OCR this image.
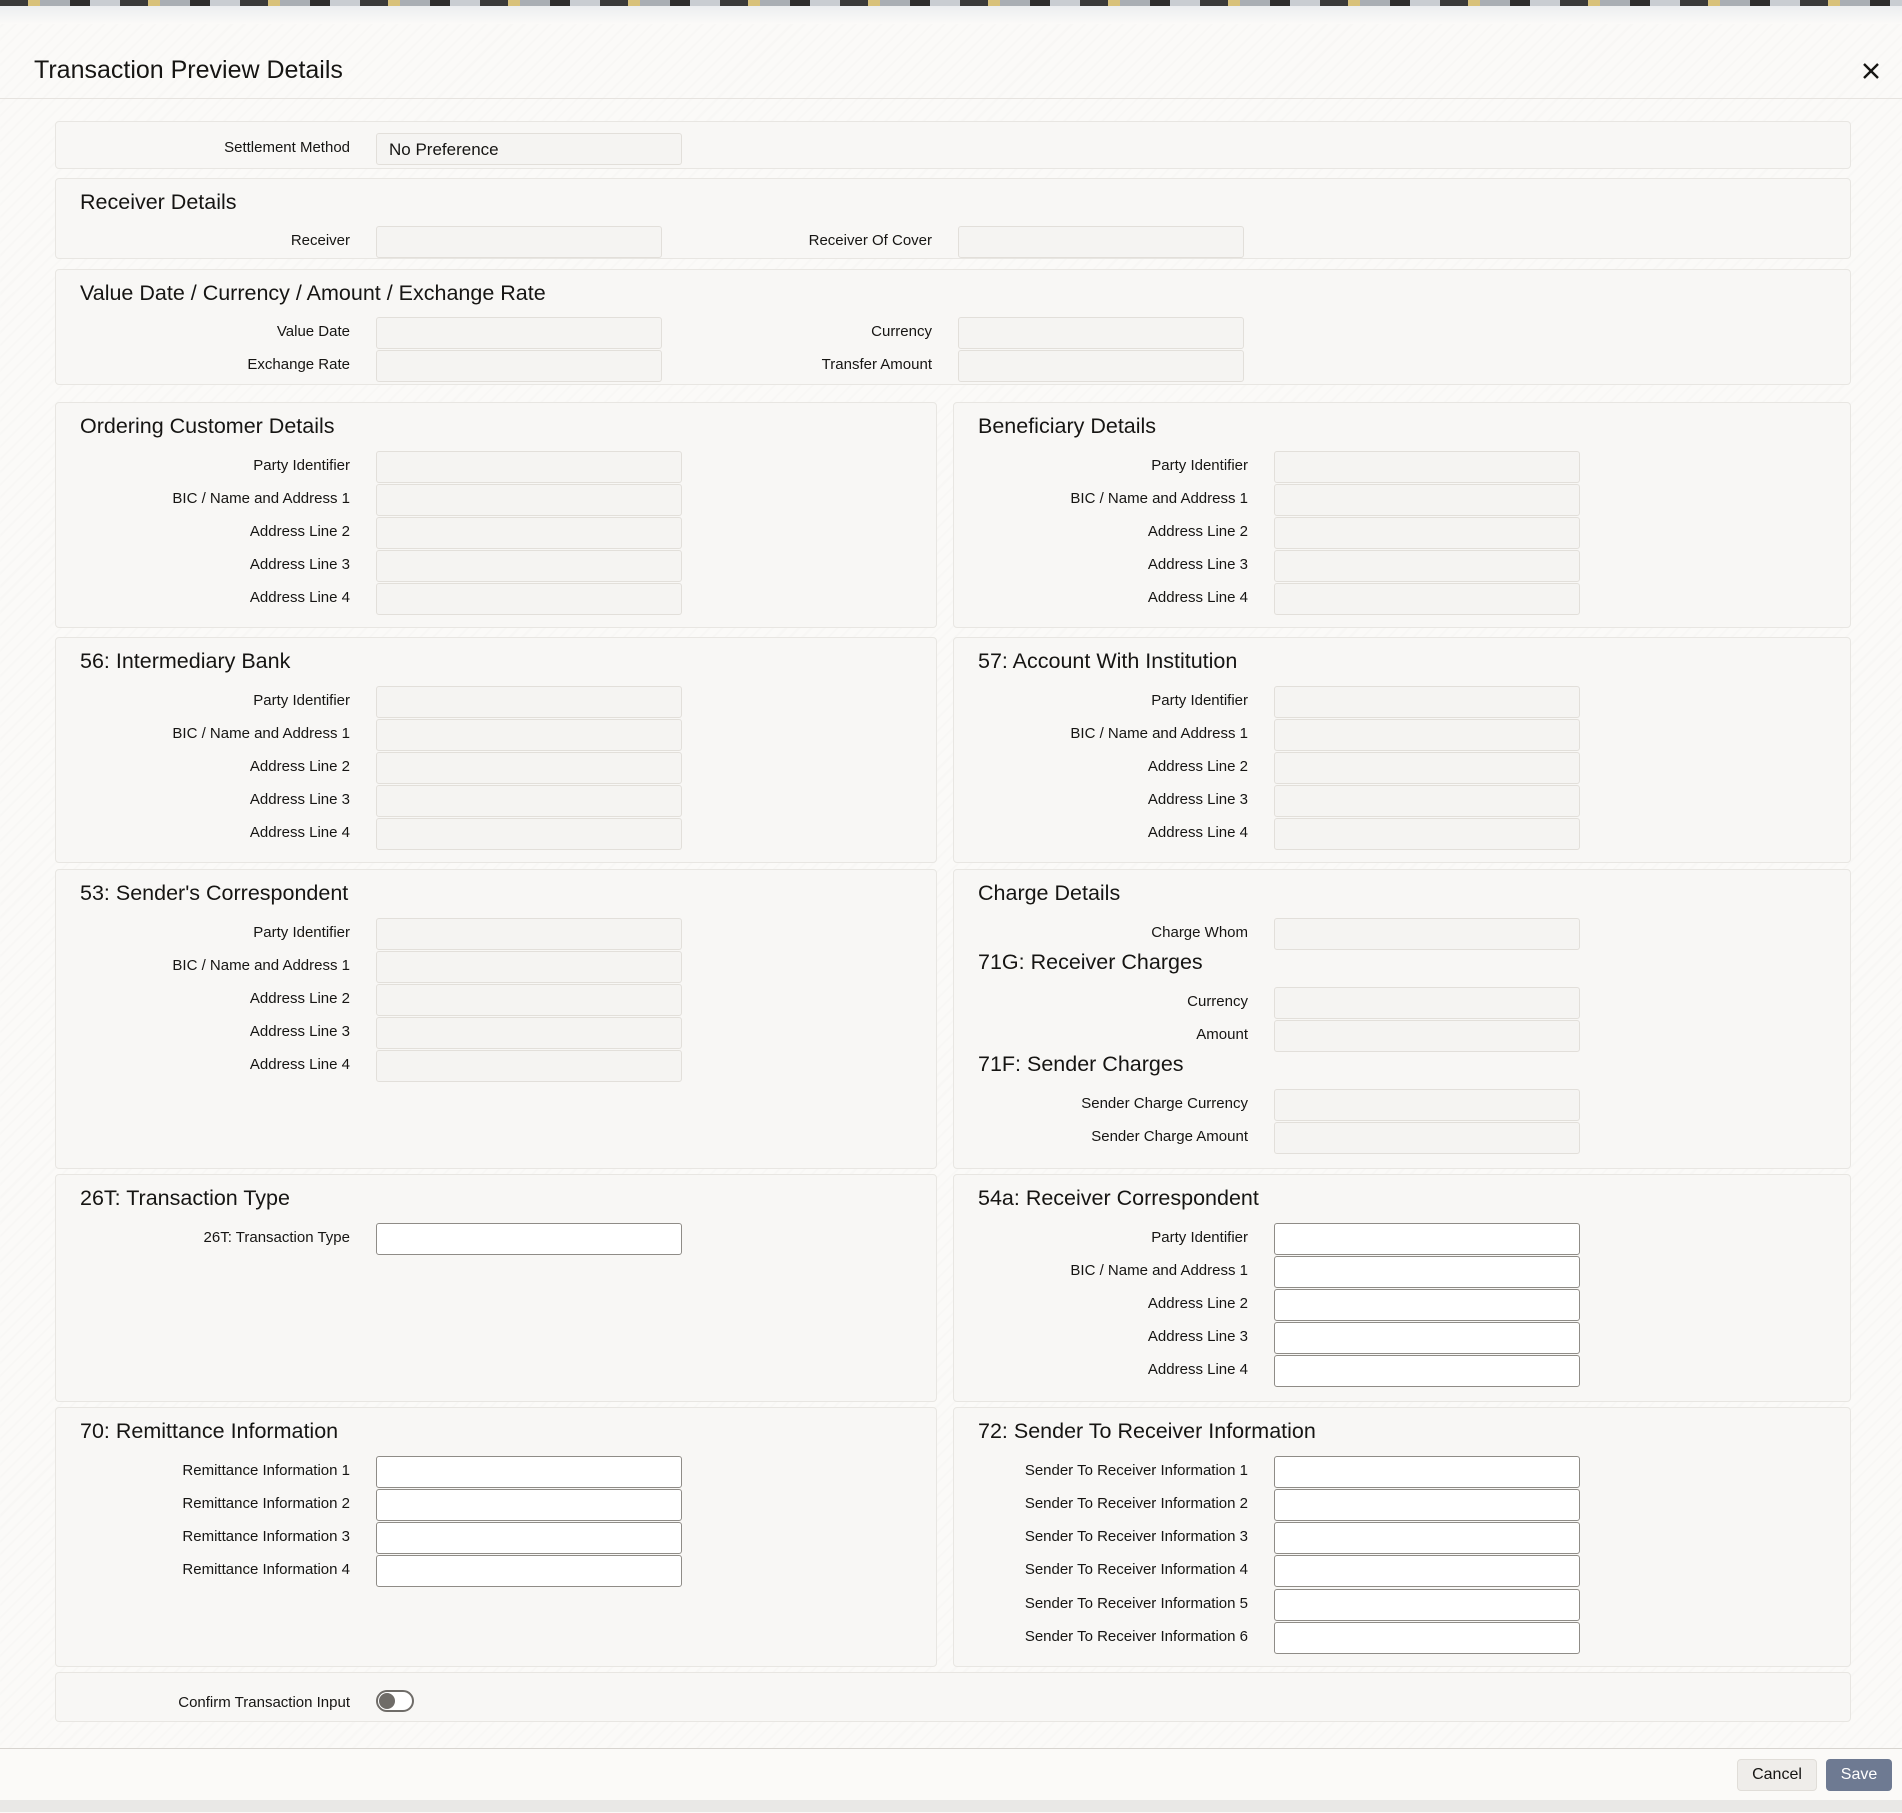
Transaction Preview Details
Settlement Method	No Preference
Receiver Details
Receiver	Receiver Of Cover
Value Date / Currency / Amount / Exchange Rate
Value Date	Currency
Exchange Rate	Transfer Amount
Ordering Customer Details
Party Identifier
BIC / Name and Address 1
Address Line 2
Address Line 3
Address Line 4
Beneficiary Details
Party Identifier
BIC / Name and Address 1
Address Line 2
Address Line 3
Address Line 4
56: Intermediary Bank
Party Identifier
BIC / Name and Address 1
Address Line 2
Address Line 3
Address Line 4
57: Account With Institution
Party Identifier
BIC / Name and Address 1
Address Line 2
Address Line 3
Address Line 4
53: Sender's Correspondent
Party Identifier
BIC / Name and Address 1
Address Line 2
Address Line 3
Address Line 4
Charge Details
Charge Whom
71G: Receiver Charges
Currency
Amount
71F: Sender Charges
Sender Charge Currency
Sender Charge Amount
26T: Transaction Type
26T: Transaction Type
54a: Receiver Correspondent
Party Identifier
BIC / Name and Address 1
Address Line 2
Address Line 3
Address Line 4
70: Remittance Information
Remittance Information 1
Remittance Information 2
Remittance Information 3
Remittance Information 4
72: Sender To Receiver Information
Sender To Receiver Information 1
Sender To Receiver Information 2
Sender To Receiver Information 3
Sender To Receiver Information 4
Sender To Receiver Information 5
Sender To Receiver Information 6
Confirm Transaction Input
Cancel	Save
